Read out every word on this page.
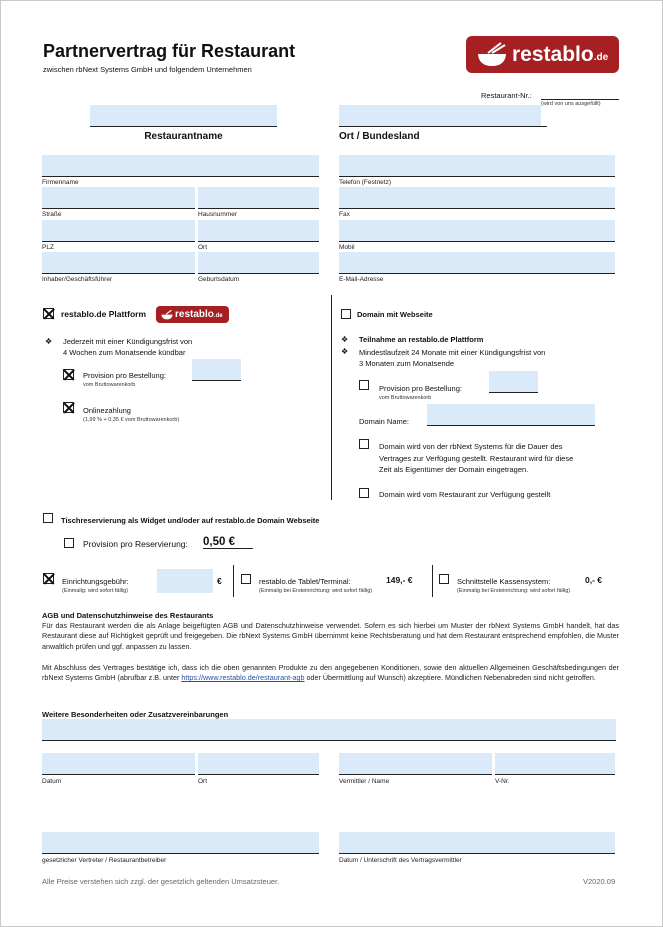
Partnervertrag für Restaurant
zwischen rbNext Systems GmbH und folgendem Unternehmen
restablo .de
Restaurant-Nr.:
(wird von uns ausgefüllt)
Restaurantname	Ort / Bundesland
Firmenname	Telefon (Festnetz)
Straße	Hausnummer	Fax
PLZ	Ort	Mobil
Inhaber/Geschäftsführer	Geburtsdatum	E-Mail-Adresse
restablo.de Plattform	restablo .de
❖ Jederzeit mit einer Kündigungsfrist von
4 Wochen zum Monatsende kündbar
Provision pro Bestellung:
vom Bruttowarenkorb
Onlinezahlung
(1,99 % + 0,35 € vom Bruttowarenkorb)
Domain mit Webseite
❖ Teilnahme an restablo.de Plattform
❖ Mindestlaufzeit 24 Monate mit einer Kündigungsfrist von
3 Monaten zum Monatsende
Provision pro Bestellung:
vom Bruttowarenkorb
Domain Name:
Domain wird von der rbNext Systems für die Dauer des
Vertrages zur Verfügung gestellt. Restaurant wird für diese
Zeit als Eigentümer der Domain eingetragen.
Domain wird vom Restaurant zur Verfügung gestellt
Tischreservierung als Widget und/oder auf restablo.de Domain Webseite
Provision pro Reservierung: 0,50 €
Einrichtungsgebühr:
(Einmalig: wird sofort fällig)
€	restablo.de Tablet/Terminal:	149,- €
(Einmalig bei Ersteinrichtung: wird sofort fällig)
Schnittstelle Kassensystem:	0,- €
(Einmalig bei Ersteinrichtung: wird sofort fällig)
AGB und Datenschutzhinweise des Restaurants
Für das Restaurant werden die als Anlage beigefügten AGB und Datenschutzhinweise verwendet. Sofern es sich hierbei um Muster der rbNext Systems GmbH handelt, hat das Restaurant diese auf Richtigkeit geprüft und freigegeben. Die rbNext Systems GmbH übernimmt keine Rechtsberatung und hat dem Restaurant entsprechend empfohlen, die Muster anwaltlich prüfen und ggf. anpassen zu lassen.
Mit Abschluss des Vertrages bestätige ich, dass ich die oben genannten Produkte zu den angegebenen Konditionen, sowie den aktuellen Allgemeinen Geschäftsbedingungen der rbNext Systems GmbH (abrufbar z.B. unter https://www.restablo.de/restaurant-agb oder Übermittlung auf Wunsch) akzeptiere. Mündlichen Nebenabreden sind nicht getroffen.
Weitere Besonderheiten oder Zusatzvereinbarungen
Datum	Ort	Vermittler / Name	V-Nr.
gesetzlicher Vertreter / Restaurantbetreiber	Datum / Unterschrift des Vertragsvermittler
Alle Preise verstehen sich zzgl. der gesetzlich geltenden Umsatzsteuer.	V2020.09
